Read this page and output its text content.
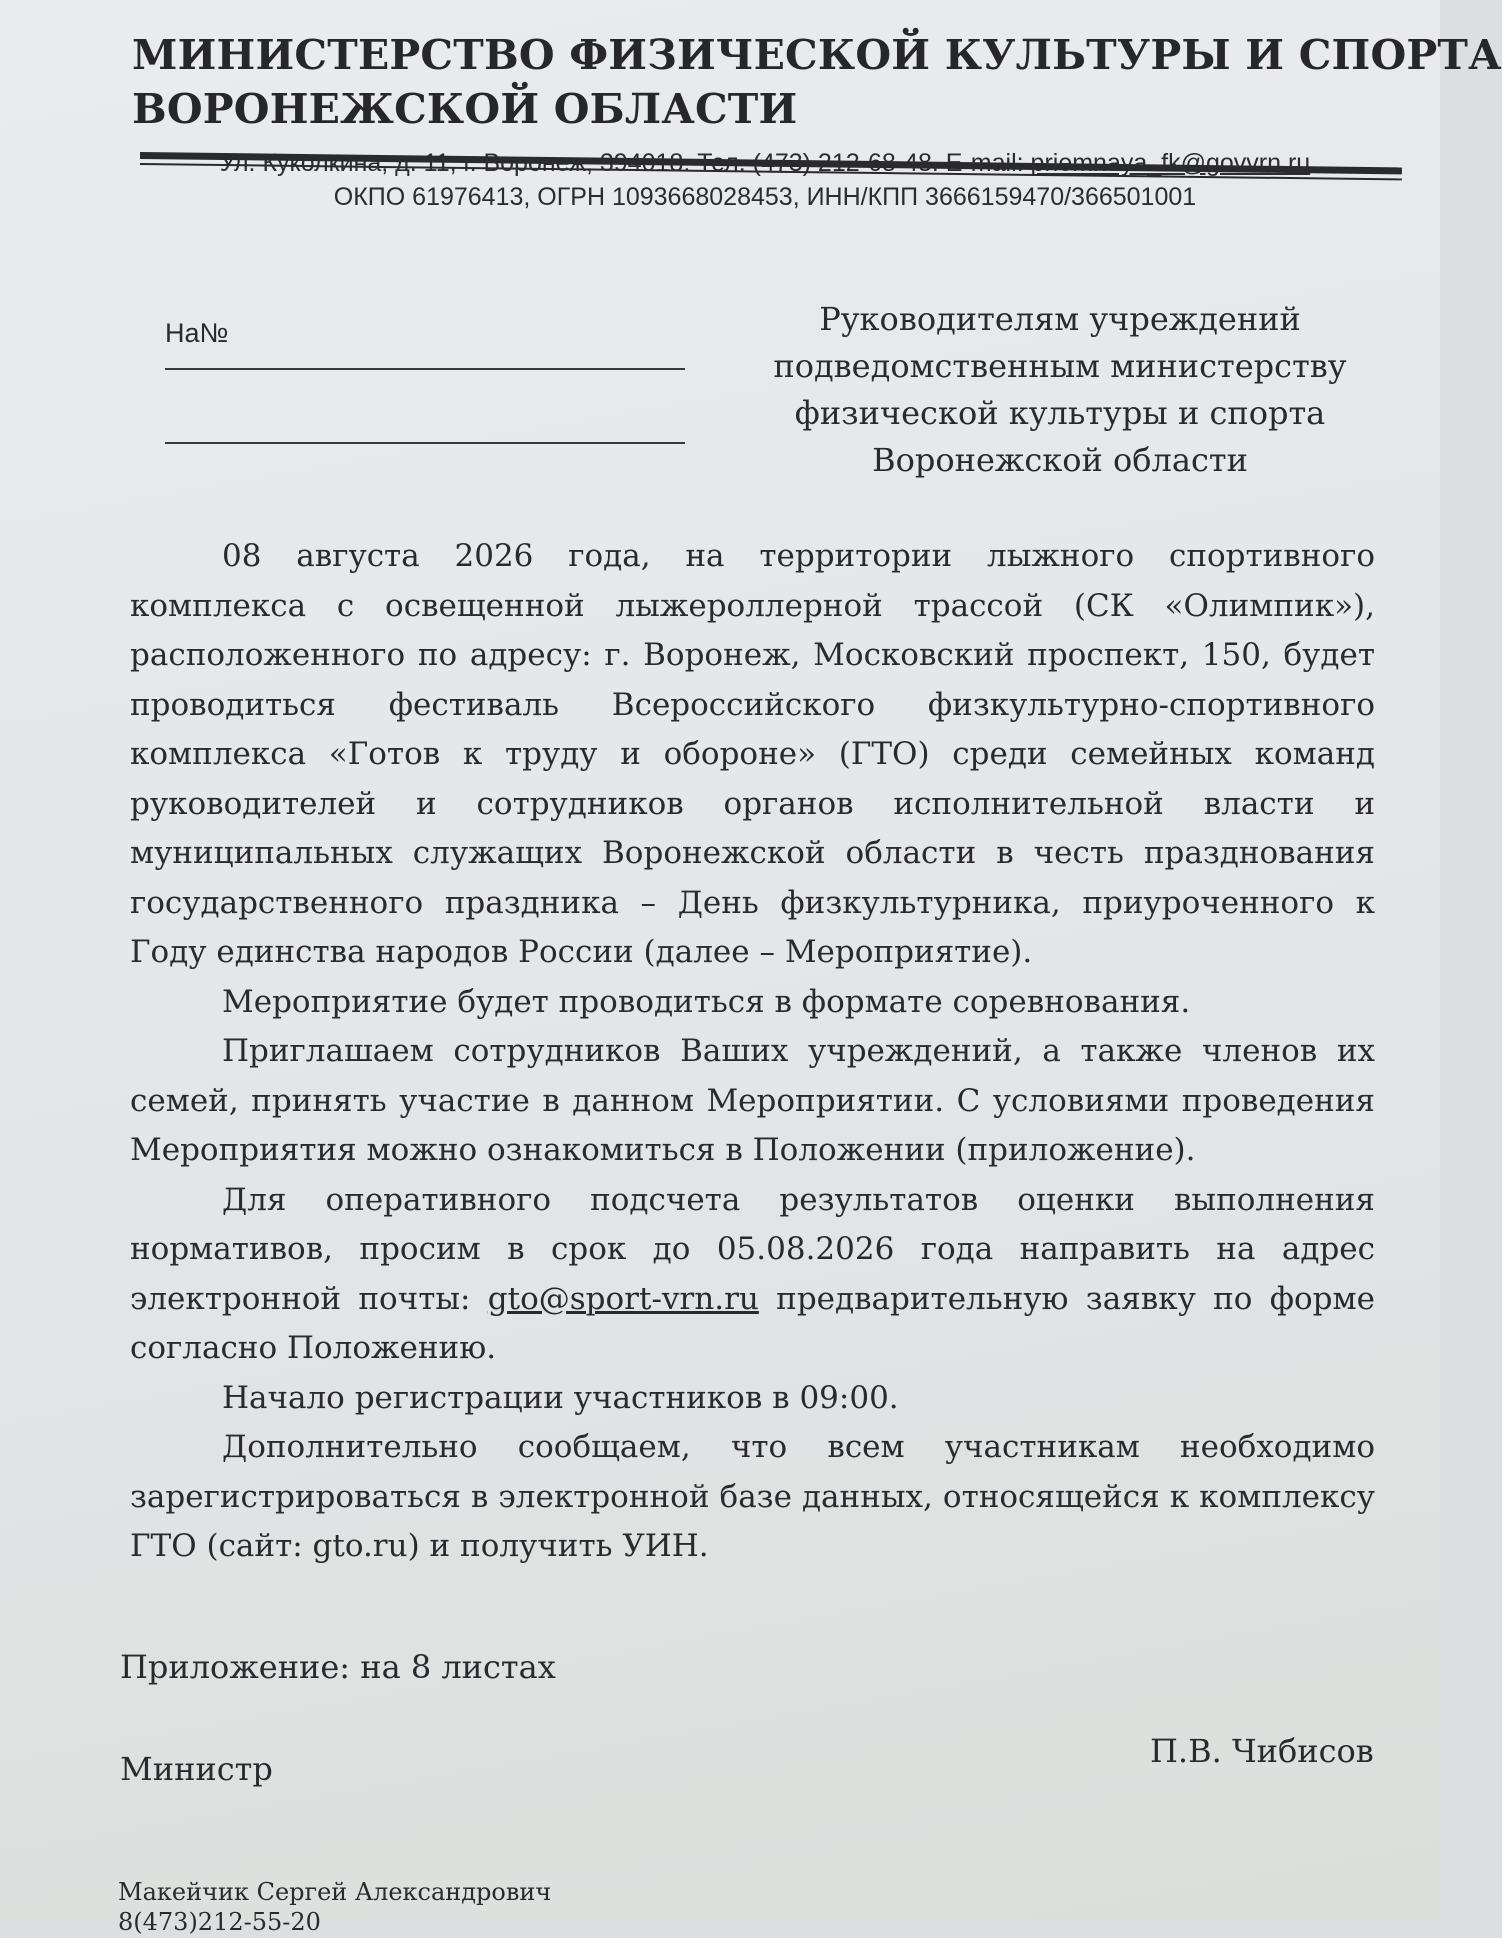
МИНИСТЕРСТВО ФИЗИЧЕСКОЙ КУЛЬТУРЫ И СПОРТА
ВОРОНЕЖСКОЙ ОБЛАСТИ
Ул. Куколкина, д. 11, г. Воронеж, 394018. Тел. (473) 212-68-48. E-mail: priemnaya_fk@govvrn.ru
ОКПО 61976413, ОГРН 1093668028453, ИНН/КПП 3666159470/366501001
На№	Руководителям учреждений
подведомственным министерству
физической культуры и спорта
Воронежской области

08 августа 2026 года, на территории лыжного спортивного комплекса с освещенной лыжероллерной трассой (СК «Олимпик»), расположенного по адресу: г. Воронеж, Московский проспект, 150, будет проводиться фестиваль Всероссийского физкультурно-спортивного комплекса «Готов к труду и обороне» (ГТО) среди семейных команд руководителей и сотрудников органов исполнительной власти и муниципальных служащих Воронежской области в честь празднования государственного праздника – День физкультурника, приуроченного к Году единства народов России (далее – Мероприятие).

Мероприятие будет проводиться в формате соревнования.

Приглашаем сотрудников Ваших учреждений, а также членов их семей, принять участие в данном Мероприятии. С условиями проведения Мероприятия можно ознакомиться в Положении (приложение).

Для оперативного подсчета результатов оценки выполнения нормативов, просим в срок до 05.08.2026 года направить на адрес электронной почты: gto@sport-vrn.ru предварительную заявку по форме согласно Положению.

Начало регистрации участников в 09:00.

Дополнительно сообщаем, что всем участникам необходимо зарегистрироваться в электронной базе данных, относящейся к комплексу ГТО (сайт: gto.ru) и получить УИН.

Приложение: на 8 листах
Министр	П.В. Чибисов
Макейчик Сергей Александрович
8(473)212-55-20
